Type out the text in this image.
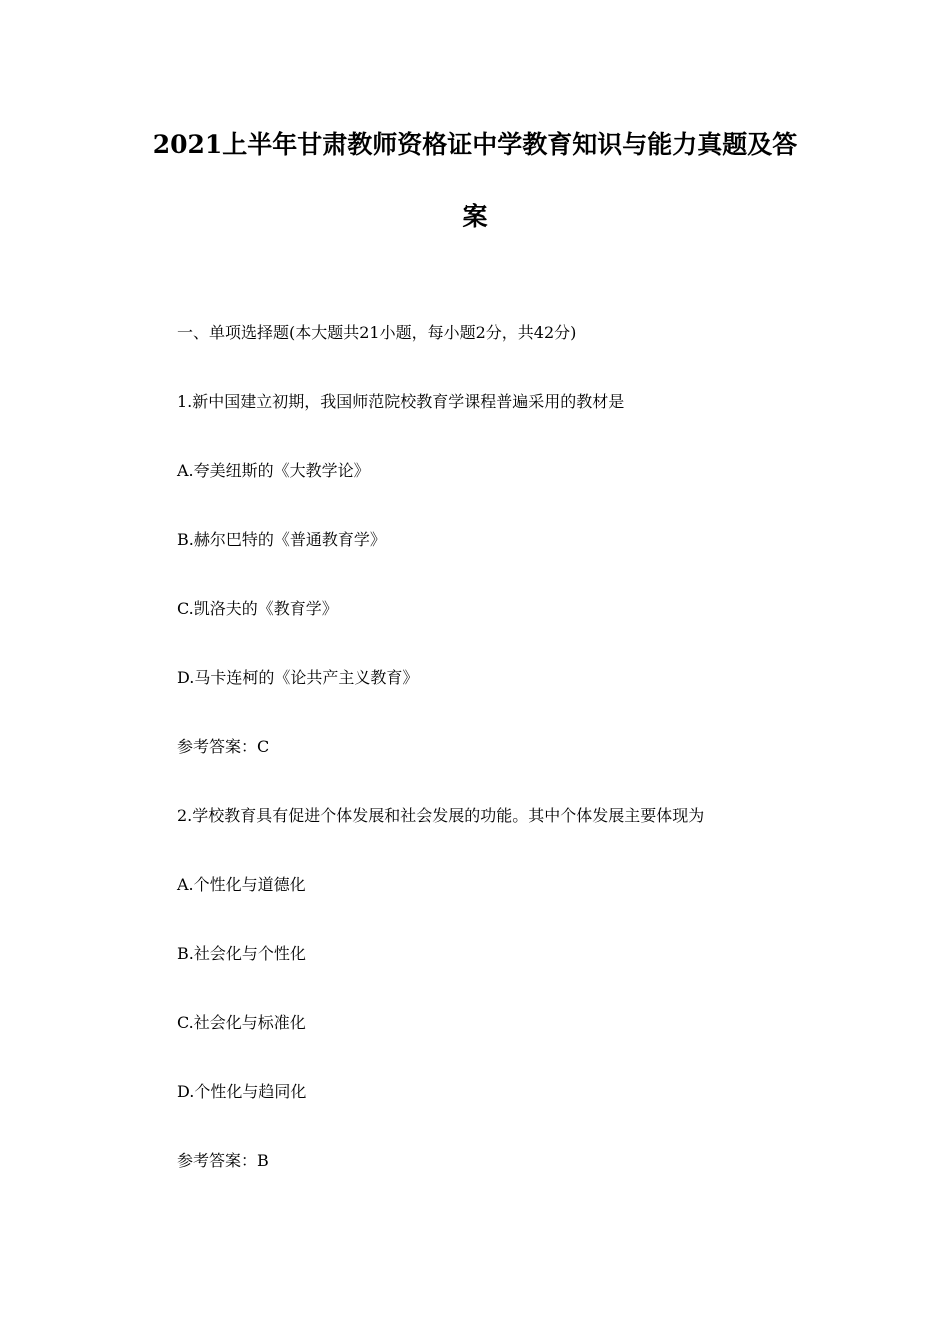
2021上半年甘肃教师资格证中学教育知识与能力真题及答
案
一、单项选择题(本大题共21小题，每小题2分，共42分)
1.新中国建立初期，我国师范院校教育学课程普遍采用的教材是
A.夸美纽斯的《大教学论》
B.赫尔巴特的《普通教育学》
C.凯洛夫的《教育学》
D.马卡连柯的《论共产主义教育》
参考答案：C
2.学校教育具有促进个体发展和社会发展的功能。其中个体发展主要体现为
A.个性化与道德化
B.社会化与个性化
C.社会化与标准化
D.个性化与趋同化
参考答案：B
